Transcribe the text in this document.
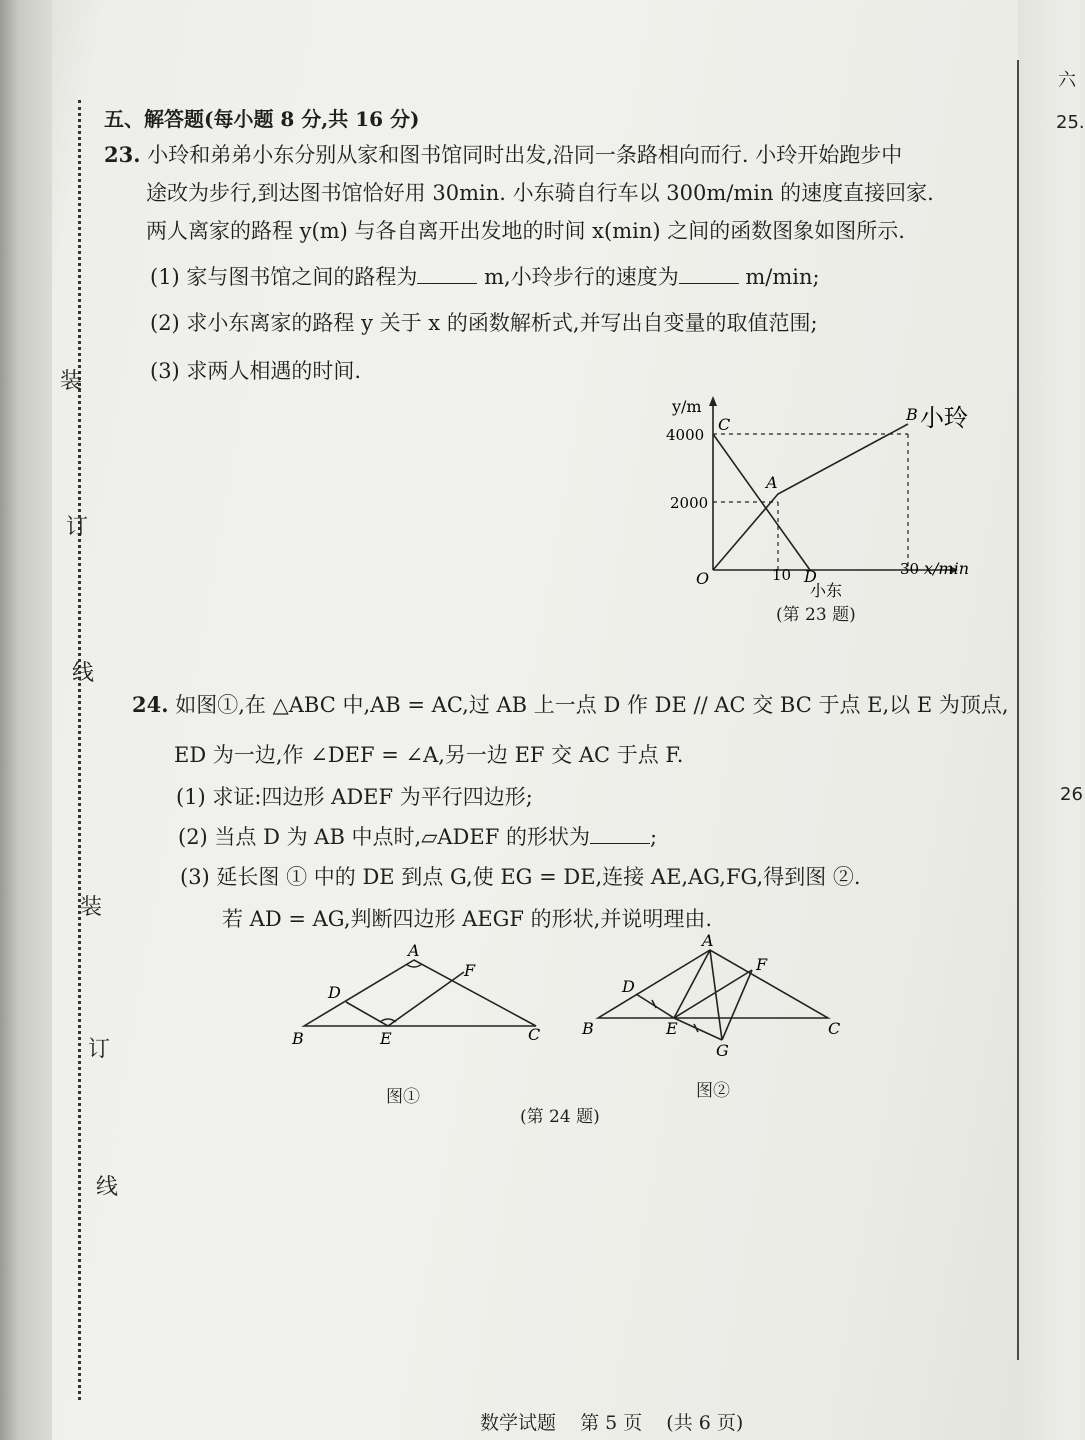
六
25.
26
装
订
线
装
订
线
五、解答题(每小题 8 分,共 16 分)
23. 小玲和弟弟小东分别从家和图书馆同时出发,沿同一条路相向而行. 小玲开始跑步中
途改为步行,到达图书馆恰好用 30min. 小东骑自行车以 300m/min 的速度直接回家.
两人离家的路程 y(m) 与各自离开出发地的时间 x(min) 之间的函数图象如图所示.
(1) 家与图书馆之间的路程为	m,小玲步行的速度为	m/min;
(2) 求小东离家的路程 y 关于 x 的函数解析式,并写出自变量的取值范围;
(3) 求两人相遇的时间.
y/m
x/min
4000
2000
10	30
O
A
B
C
D
小玲
小东
(第 23 题)
24. 如图①,在 △ABC 中,AB = AC,过 AB 上一点 D 作 DE // AC 交 BC 于点 E,以 E 为顶点,
ED 为一边,作 ∠DEF = ∠A,另一边 EF 交 AC 于点 F.
(1) 求证:四边形 ADEF 为平行四边形;
(2) 当点 D 为 AB 中点时,▱ADEF 的形状为	;
(3) 延长图 ① 中的 DE 到点 G,使 EG = DE,连接 AE,AG,FG,得到图 ②.
若 AD = AG,判断四边形 AEGF 的形状,并说明理由.
A
B	C
D
E
F
图①
A
B	C
D
E
F
G
图②
(第 24 题)
数学试题 第 5 页 (共 6 页)
